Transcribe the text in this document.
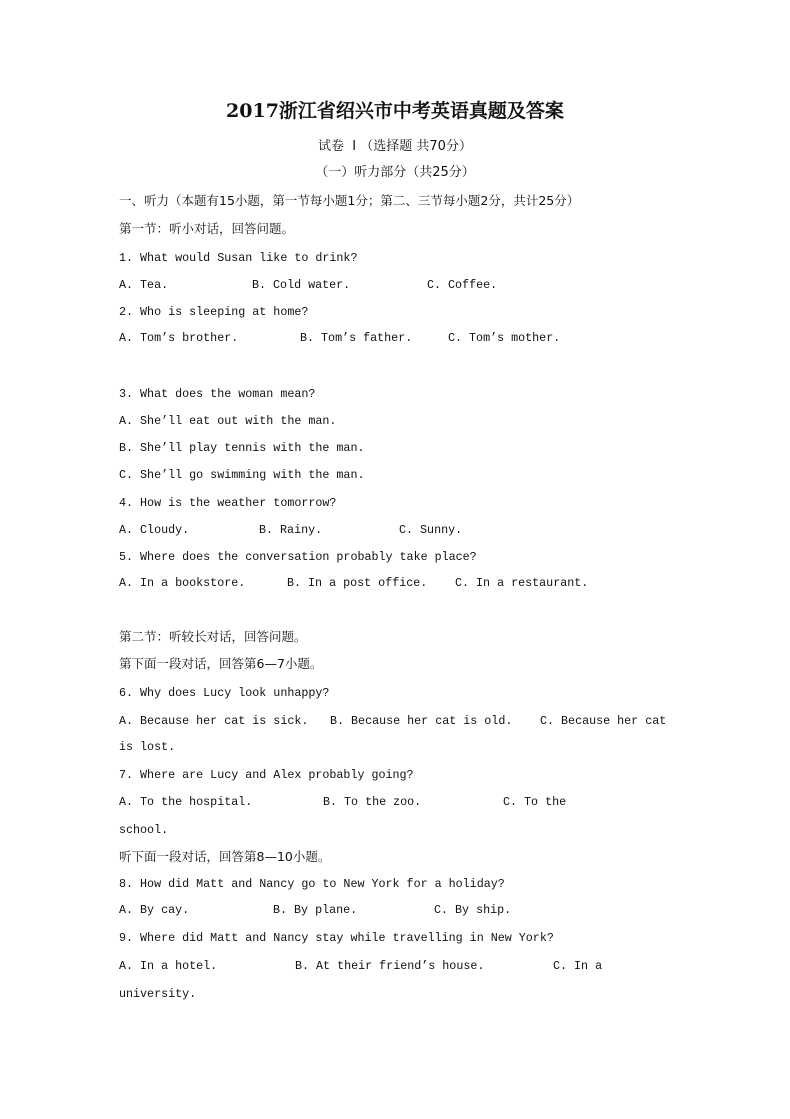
2017浙江省绍兴市中考英语真题及答案
试卷  Ⅰ （选择题 共70分）
（一）听力部分（共25分）
一、听力（本题有15小题，第一节每小题1分；第二、三节每小题2分，共计25分）
第一节：听小对话，回答问题。
1. What would Susan like to drink?
A. Tea.	B. Cold water.	C. Coffee.
2. Who is sleeping at home?
A. Tom’s brother.	B. Tom’s father.	C. Tom’s mother.
3. What does the woman mean?
A. She’ll eat out with the man.
B. She’ll play tennis with the man.
C. She’ll go swimming with the man.
4. How is the weather tomorrow?
A. Cloudy.	B. Rainy.	C. Sunny.
5. Where does the conversation probably take place?
A. In a bookstore.	B. In a post office. C. In a restaurant.
第二节：听较长对话，回答问题。
第下面一段对话，回答第6—7小题。
6. Why does Lucy look unhappy?
A. Because her cat is sick. B. Because her cat is old. C. Because her cat
is lost.
7. Where are Lucy and Alex probably going?
A. To the hospital.	B. To the zoo.	C. To the
school.
听下面一段对话，回答第8—10小题。
8. How did Matt and Nancy go to New York for a holiday?
A. By cay.	B. By plane.	C. By ship.
9. Where did Matt and Nancy stay while travelling in New York?
A. In a hotel.	B. At their friend’s house.	C. In a
university.
